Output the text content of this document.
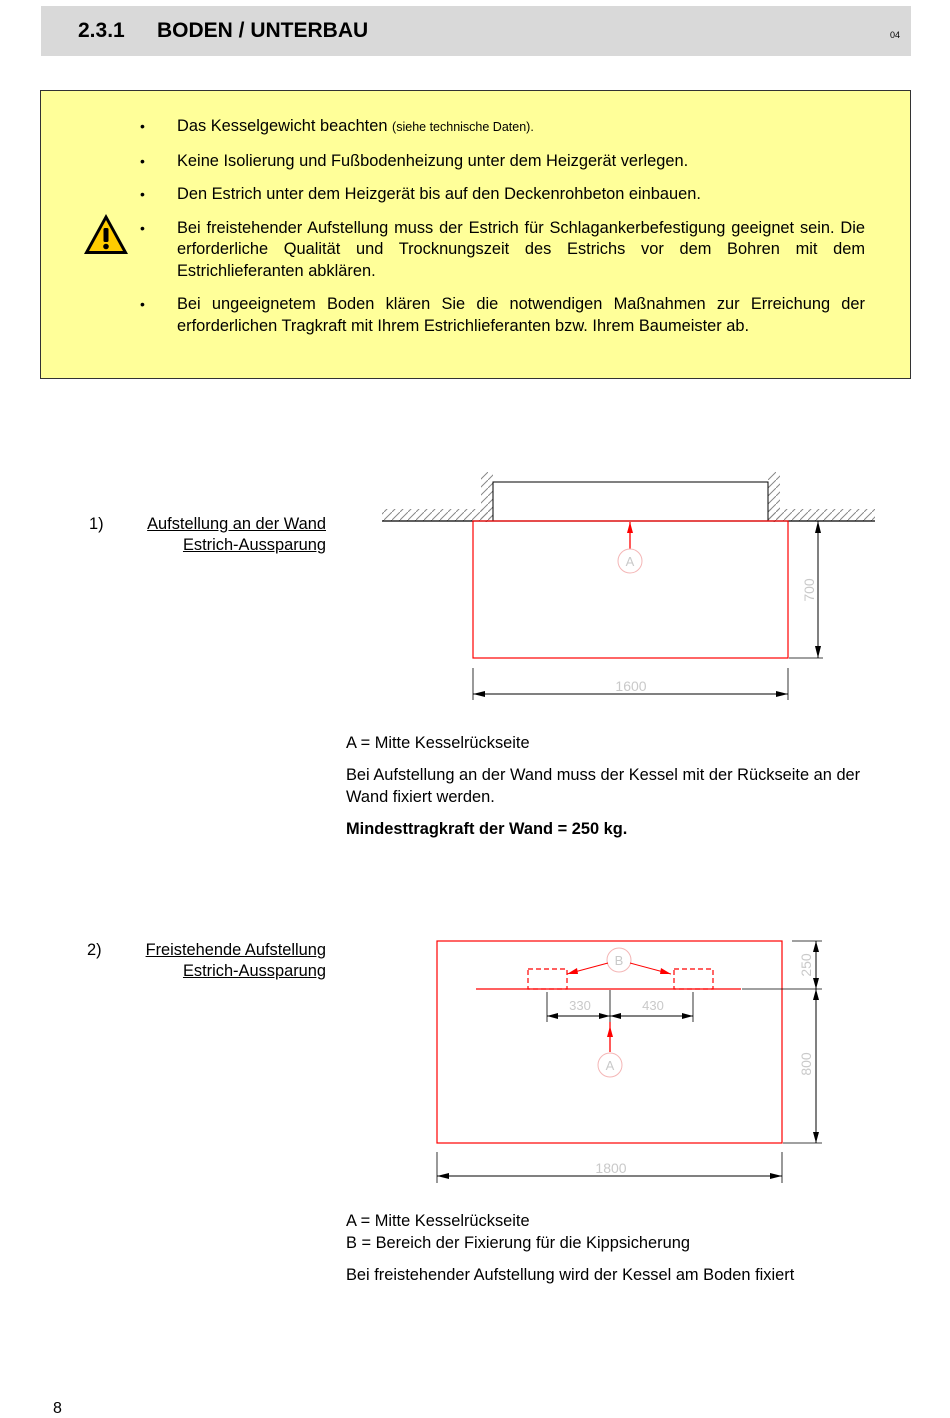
2.3.1 BODEN / UNTERBAU	04
• Das Kesselgewicht beachten (siehe technische Daten).
• Keine Isolierung und Fußbodenheizung unter dem Heizgerät verlegen.
• Den Estrich unter dem Heizgerät bis auf den Deckenrohbeton einbauen.
• Bei freistehender Aufstellung muss der Estrich für Schlagankerbefestigung geeignet sein. Die erforderliche Qualität und Trocknungszeit des Estrichs vor dem Bohren mit dem Estrichlieferanten abklären.
• Bei ungeeignetem Boden klären Sie die notwendigen Maßnahmen zur Erreichung der erforderlichen Tragkraft mit Ihrem Estrichlieferanten bzw. Ihrem Baumeister ab.
1)	Aufstellung an der Wand
Estrich-Aussparung
A
700
1600
A = Mitte Kesselrückseite
Bei Aufstellung an der Wand muss der Kessel mit der Rückseite an der Wand fixiert werden.
Mindesttragkraft der Wand = 250 kg.
2)	Freistehende Aufstellung
Estrich-Aussparung
B
330	430
A
250
800
1800
A = Mitte Kesselrückseite
B = Bereich der Fixierung für die Kippsicherung
Bei freistehender Aufstellung wird der Kessel am Boden fixiert
8
